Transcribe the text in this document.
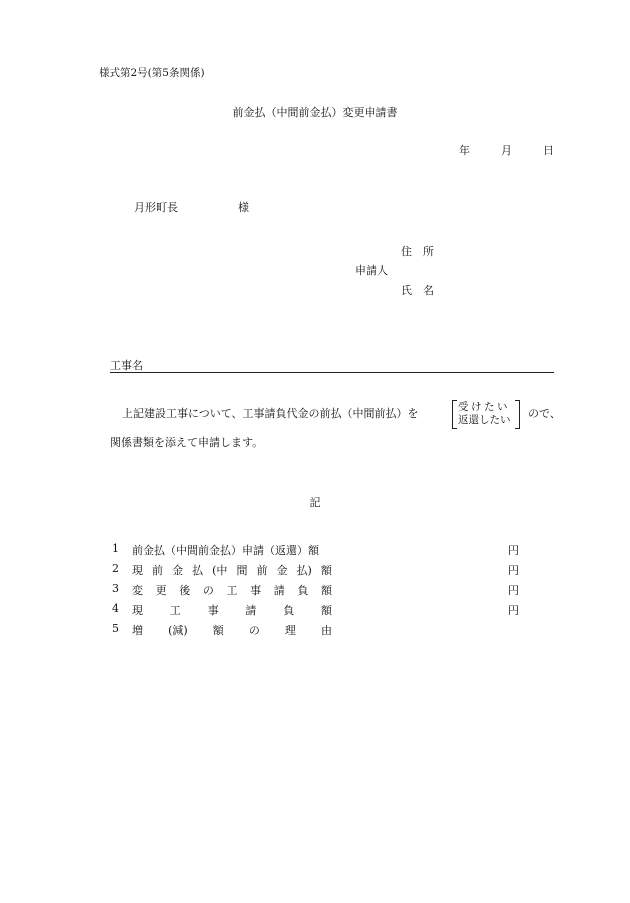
様式第2号(第5条関係)
前金払（中間前金払）変更申請書
年	月	日
月形町長	様
住所
申請人
氏名
工事名
上記建設工事について、工事請負代金の前払（中間前払）を	受けたい
返還したい ので、
関係書類を添えて申請します。
記
1 前金払（中間前金払）申請（返還）額	円
2 現 前 金 払 (中 間 前 金 払) 額	円
3 変 更 後 の 工 事 請 負 額	円
4 現 工 事 請 負 額	円
5 増 (減) 額 の 理 由
